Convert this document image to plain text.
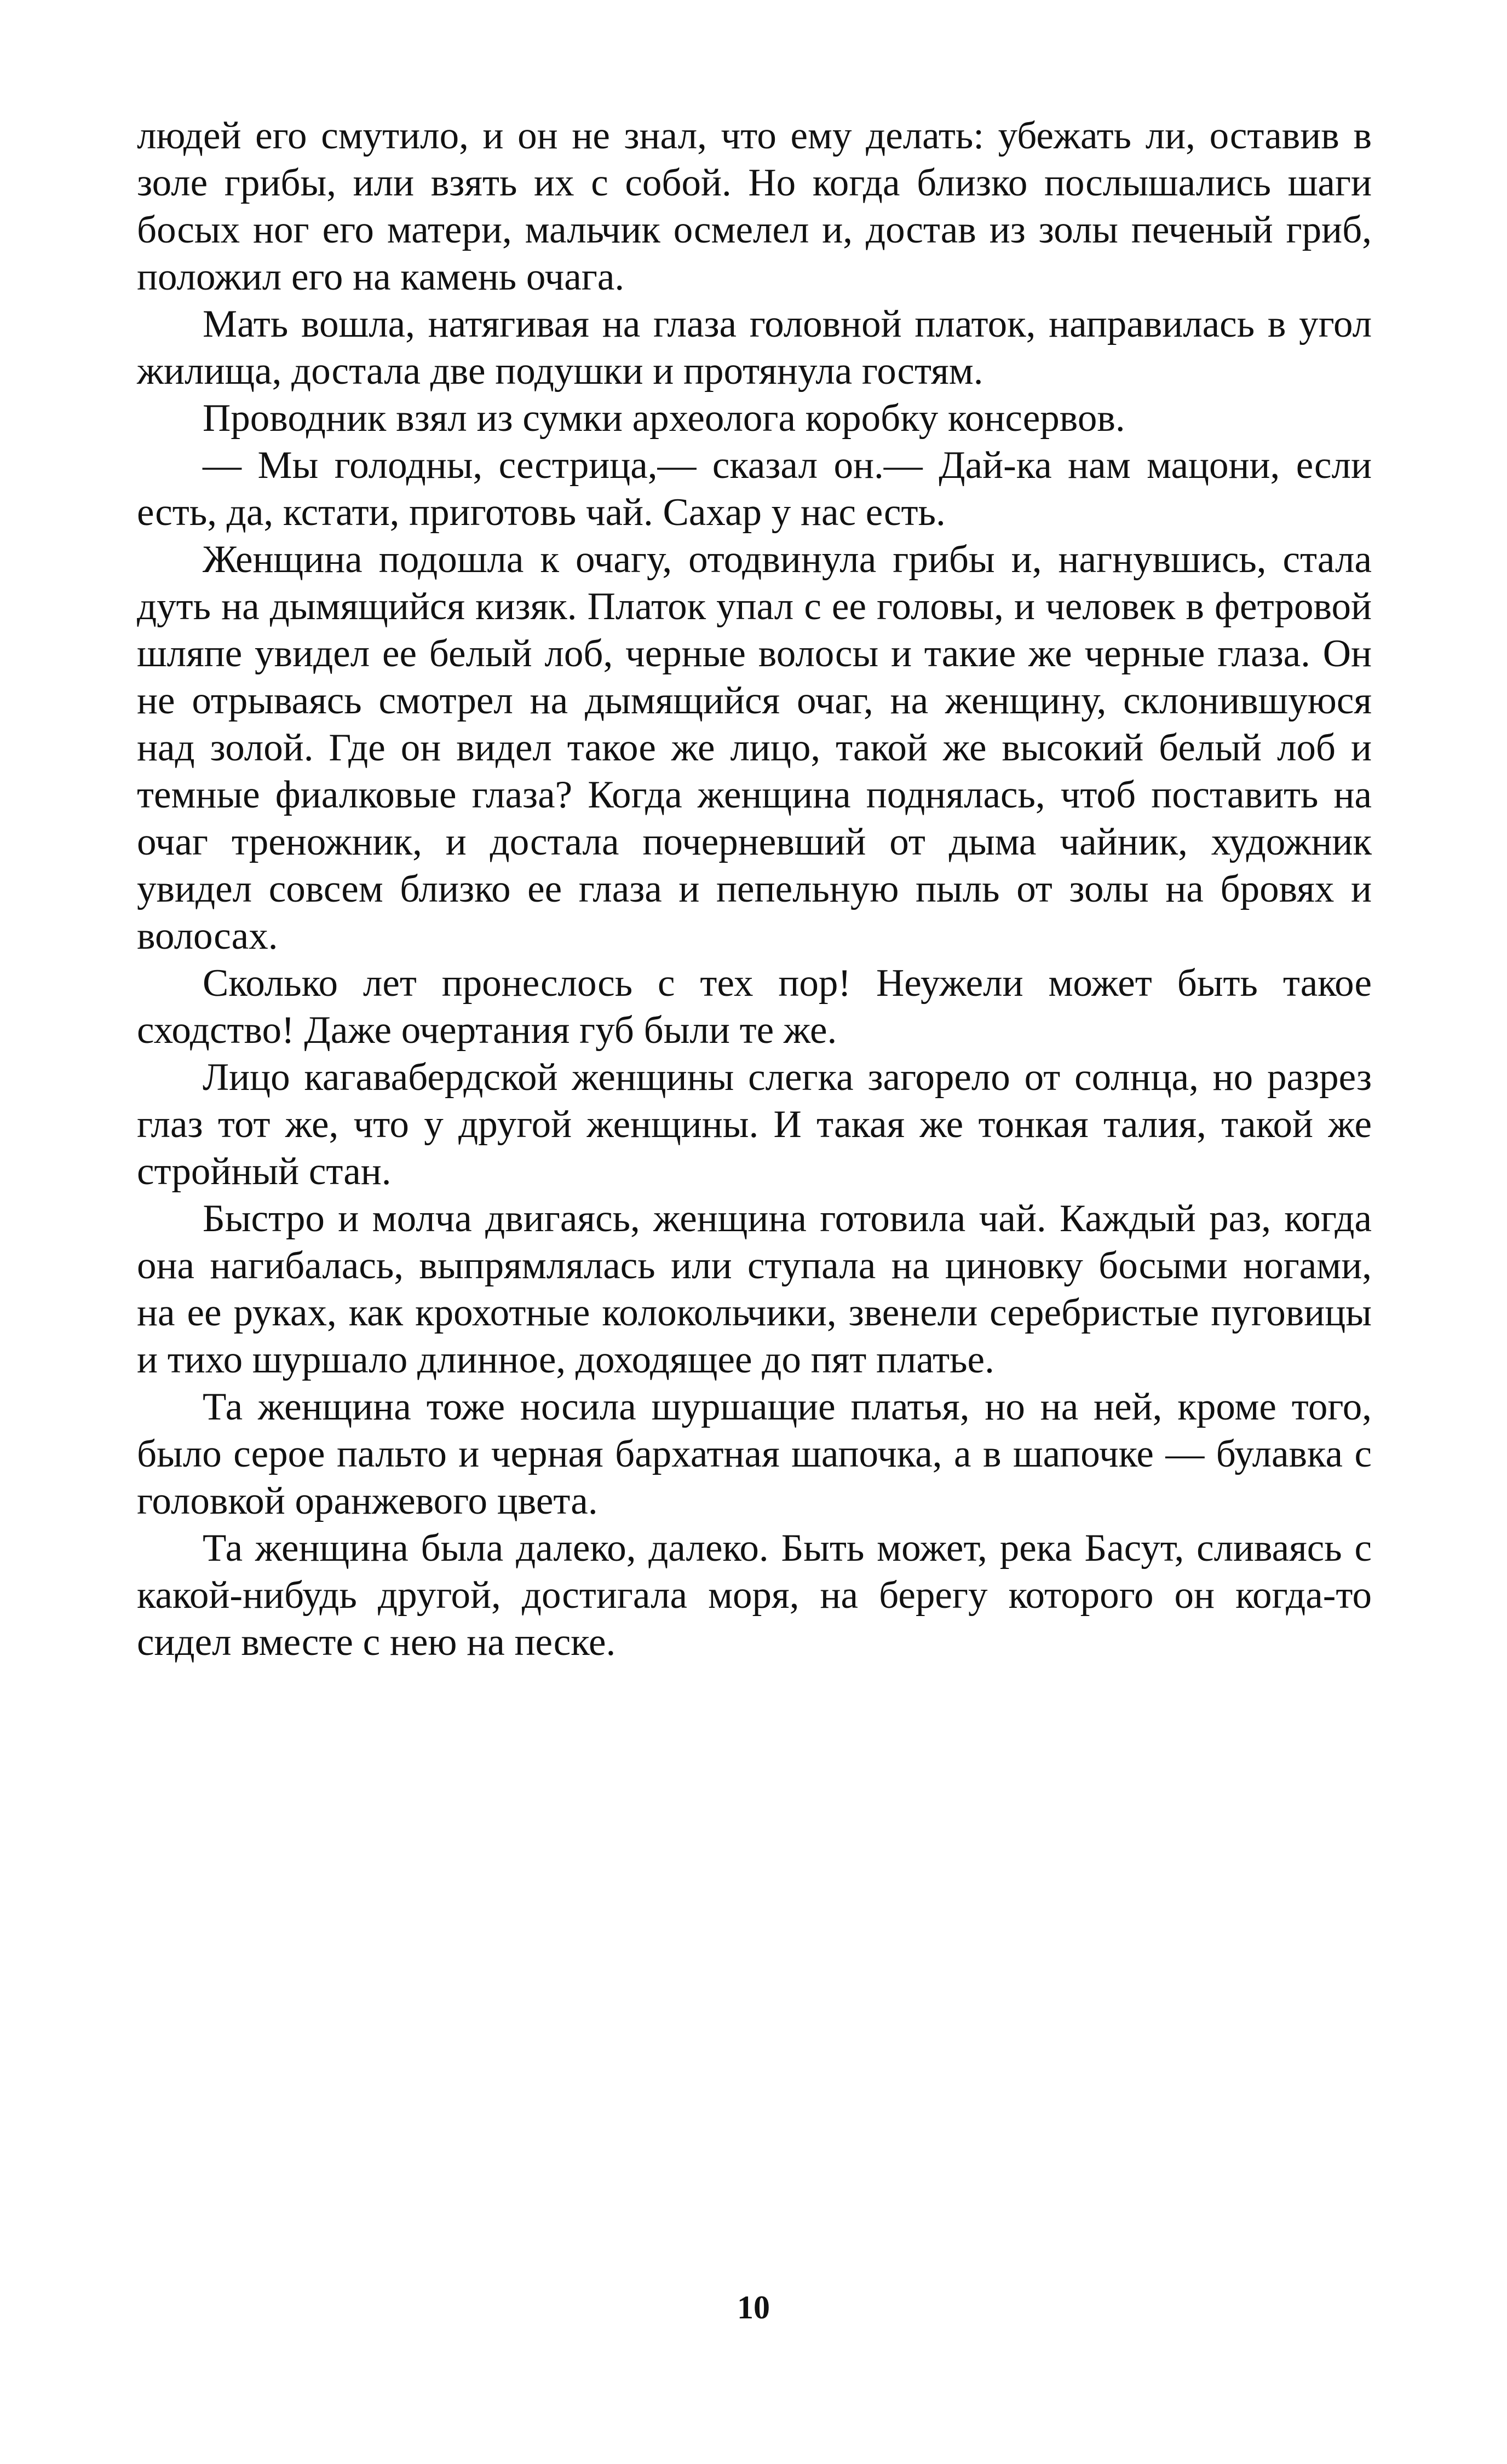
людей его смутило, и он не знал, что ему делать: убежать ли, оставив в золе грибы, или взять их с собой. Но когда близко послышались шаги босых ног его матери, мальчик осмелел и, достав из золы печеный гриб, положил его на камень очага.

Мать вошла, натягивая на глаза головной платок, направилась в угол жилища, достала две подушки и протянула гостям.

Проводник взял из сумки археолога коробку консервов.

— Мы голодны, сестрица,— сказал он.— Дай-ка нам мацони, если есть, да, кстати, приготовь чай. Сахар у нас есть.

Женщина подошла к очагу, отодвинула грибы и, нагнувшись, стала дуть на дымящийся кизяк. Платок упал с ее головы, и человек в фетровой шляпе увидел ее белый лоб, черные волосы и такие же черные глаза. Он не отрываясь смотрел на дымящийся очаг, на женщину, склонившуюся над золой. Где он видел такое же лицо, такой же высокий белый лоб и темные фиалковые глаза? Когда женщина поднялась, чтоб поставить на очаг треножник, и достала почерневший от дыма чайник, художник увидел совсем близко ее глаза и пепельную пыль от золы на бровях и волосах.

Сколько лет пронеслось с тех пор! Неужели может быть такое сходство! Даже очертания губ были те же.

Лицо кагавабердской женщины слегка загорело от солнца, но разрез глаз тот же, что у другой женщины. И такая же тонкая талия, такой же стройный стан.

Быстро и молча двигаясь, женщина готовила чай. Каждый раз, когда она нагибалась, выпрямлялась или ступала на циновку босыми ногами, на ее руках, как крохотные колокольчики, звенели серебристые пуговицы и тихо шуршало длинное, доходящее до пят платье.

Та женщина тоже носила шуршащие платья, но на ней, кроме того, было серое пальто и черная бархатная шапочка, а в шапочке — булавка с головкой оранжевого цвета.

Та женщина была далеко, далеко. Быть может, река Басут, сливаясь с какой-нибудь другой, достигала моря, на берегу которого он когда-то сидел вместе с нею на песке.

10
